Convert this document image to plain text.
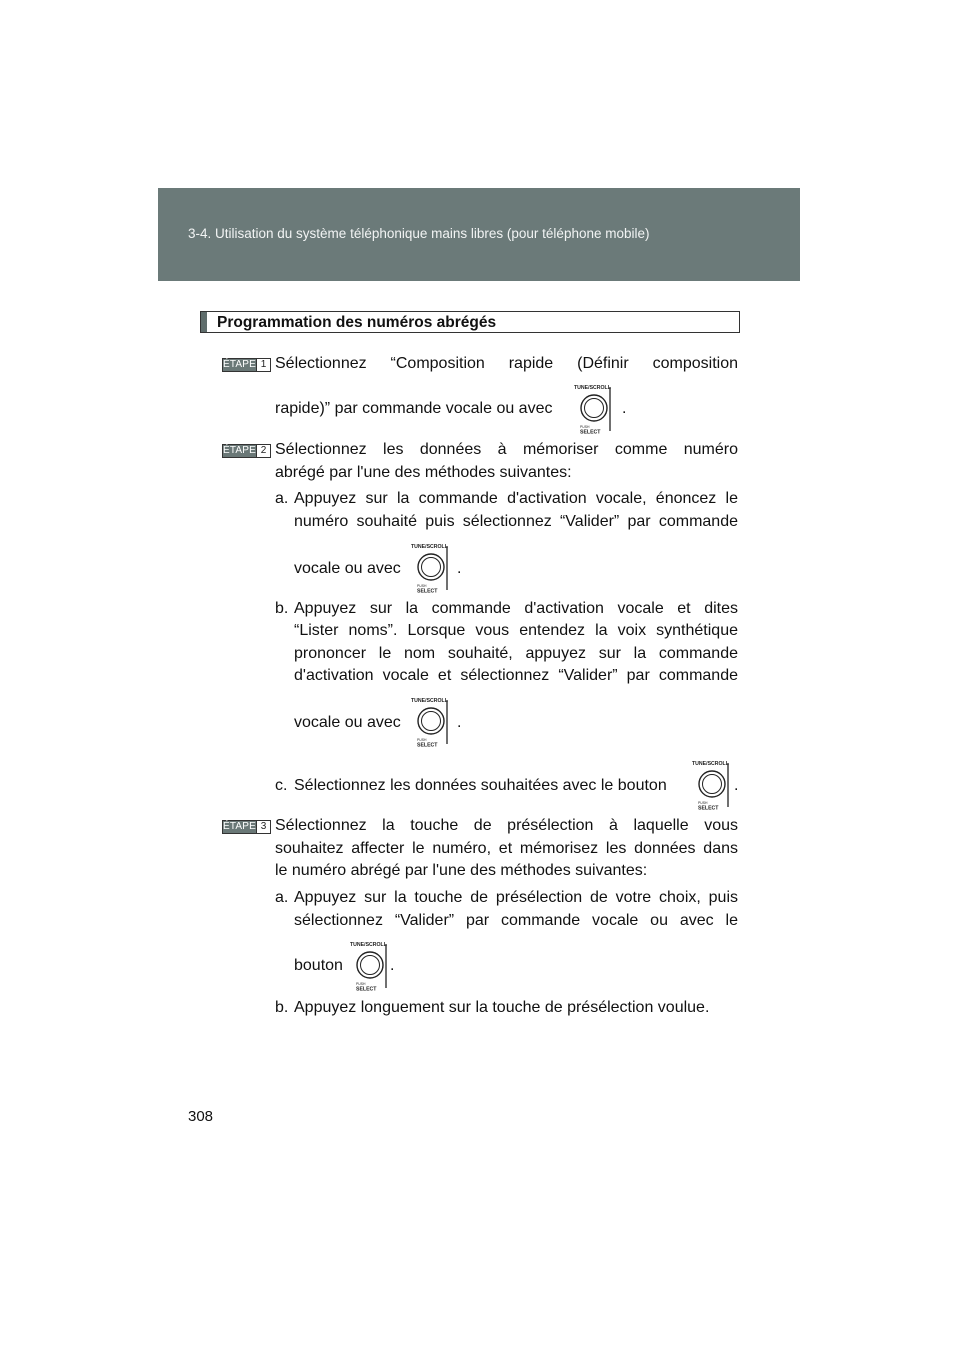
3-4. Utilisation du système téléphonique mains libres (pour téléphone mobile)
Programmation des numéros abrégés
ÉTAPE 1 Sélectionnez “Composition rapide (Définir composition
rapide)” par commande vocale ou avec
TUNE/SCROLL
PUSH
SELECT
.
ÉTAPE 2 Sélectionnez les données à mémoriser comme numéro
abrégé par l'une des méthodes suivantes:
a. Appuyez sur la commande d'activation vocale, énoncez le
numéro souhaité puis sélectionnez “Valider” par commande
vocale ou avec
TUNE/SCROLL
PUSH
SELECT
.
b. Appuyez sur la commande d'activation vocale et dites
“Lister noms”. Lorsque vous entendez la voix synthétique
prononcer le nom souhaité, appuyez sur la commande
d'activation vocale et sélectionnez “Valider” par commande
vocale ou avec
TUNE/SCROLL
PUSH
SELECT
.
c. Sélectionnez les données souhaitées avec le bouton
TUNE/SCROLL
PUSH
SELECT
.
ÉTAPE 3 Sélectionnez la touche de présélection à laquelle vous
souhaitez affecter le numéro, et mémorisez les données dans
le numéro abrégé par l'une des méthodes suivantes:
a. Appuyez sur la touche de présélection de votre choix, puis
sélectionnez “Valider” par commande vocale ou avec le
bouton
TUNE/SCROLL
PUSH
SELECT
.
b. Appuyez longuement sur la touche de présélection voulue.
308
